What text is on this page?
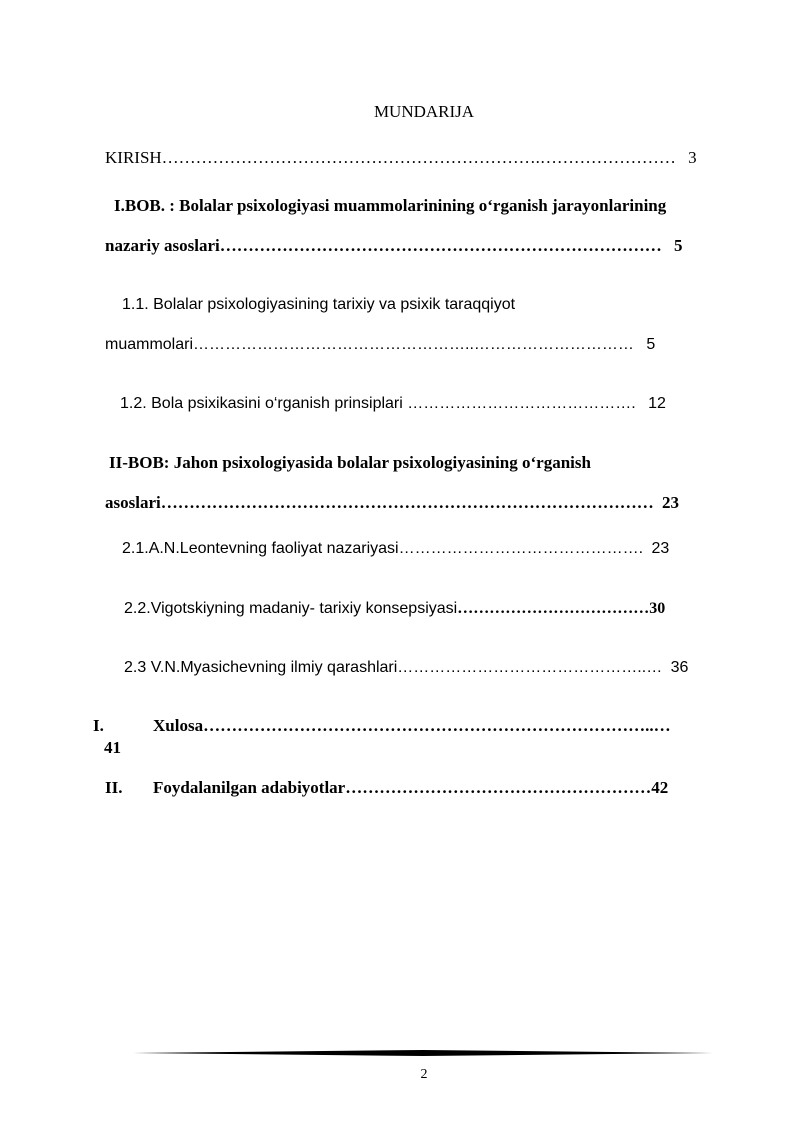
MUNDARIJA
KIRISH………………………………………………………….…………………… 3
I.BOB. : Bolalar psixologiyasi muammolarinining o‘rganish jarayonlarining
nazariy asoslari…………………………………………………………………… 5
1.1. Bolalar psixologiyasining tarixiy va psixik taraqqiyot
muammolari……………………………………………..………………………… 5
1.2. Bola psixikasini o‘rganish prinsiplari ……………………………………. 12
II-BOB: Jahon psixologiyasida bolalar psixologiyasining o‘rganish
asoslari…………………………………………………………………………… 23
2.1.A.N.Leontevning faoliyat nazariyasi………………………………………. 23
2.2.Vigotskiyning madaniy- tarixiy konsepsiyasi………………………………30
2.3 V.N.Myasichevning ilmiy qarashlari………………………………………..… 36
I.	Xulosa……………………………………………………………………..…
41
II. Foydalanilgan adabiyotlar………………………………………………42
2
